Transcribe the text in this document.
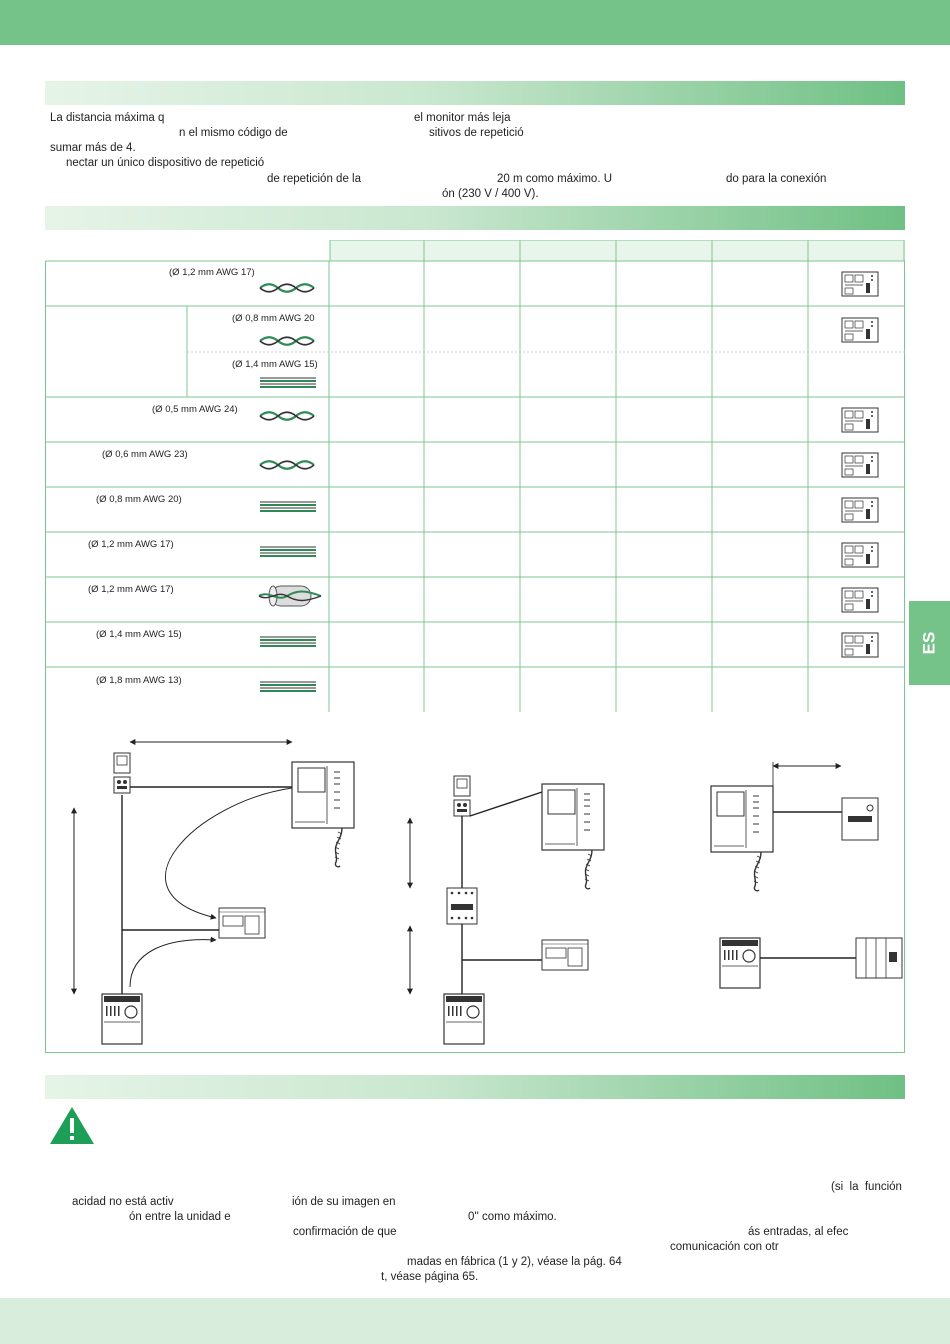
La distancia máxima q	el monitor más leja
n el mismo código de	sitivos de repetició
sumar más de 4.
nectar un único dispositivo de repetició
de repetición de la	20 m como máximo. U	do para la conexión
ón (230 V / 400 V).
(Ø 1,2 mm AWG 17)
(Ø 0,8 mm AWG 20
(Ø 1,4 mm AWG 15)
(Ø 0,5 mm AWG 24)
(Ø 0,6 mm AWG 23)
(Ø 0,8 mm AWG 20)
(Ø 1,2 mm AWG 17)
(Ø 1,2 mm AWG 17)
(Ø 1,4 mm AWG 15)
(Ø 1,8 mm AWG 13)
ES
(si  la  función
acidad no está activ	ión de su imagen en
ón entre la unidad e	0'' como máximo.
confirmación de que	ás entradas, al efec
comunicación con otr
madas en fábrica (1 y 2), véase la pág. 64
t, véase página 65.
